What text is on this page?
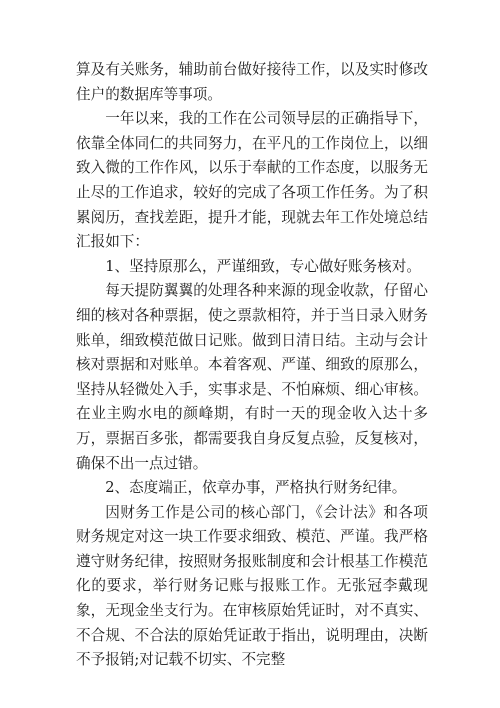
算及有关账务，辅助前台做好接待工作，以及实时修改住户的数据库等事项。

一年以来，我的工作在公司领导层的正确指导下，依靠全体同仁的共同努力，在平凡的工作岗位上，以细致入微的工作作风，以乐于奉献的工作态度，以服务无止尽的工作追求，较好的完成了各项工作任务。为了积累阅历，查找差距，提升才能，现就去年工作处境总结汇报如下：

1、坚持原那么，严谨细致，专心做好账务核对。

每天提防翼翼的处理各种来源的现金收款，仔留心细的核对各种票据，使之票款相符，并于当日录入财务账单，细致模范做日记账。做到日清日结。主动与会计核对票据和对账单。本着客观、严谨、细致的原那么，坚持从轻微处入手，实事求是、不怕麻烦、细心审核。在业主购水电的颜峰期，有时一天的现金收入达十多万，票据百多张，都需要我自身反复点验，反复核对，确保不出一点过错。

2、态度端正，依章办事，严格执行财务纪律。

因财务工作是公司的核心部门，《会计法》和各项财务规定对这一块工作要求细致、模范、严谨。我严格遵守财务纪律，按照财务报账制度和会计根基工作模范化的要求，举行财务记账与报账工作。无张冠李戴现象，无现金坐支行为。在审核原始凭证时，对不真实、不合规、不合法的原始凭证敢于指出，说明理由，决断不予报销;对记载不切实、不完整
